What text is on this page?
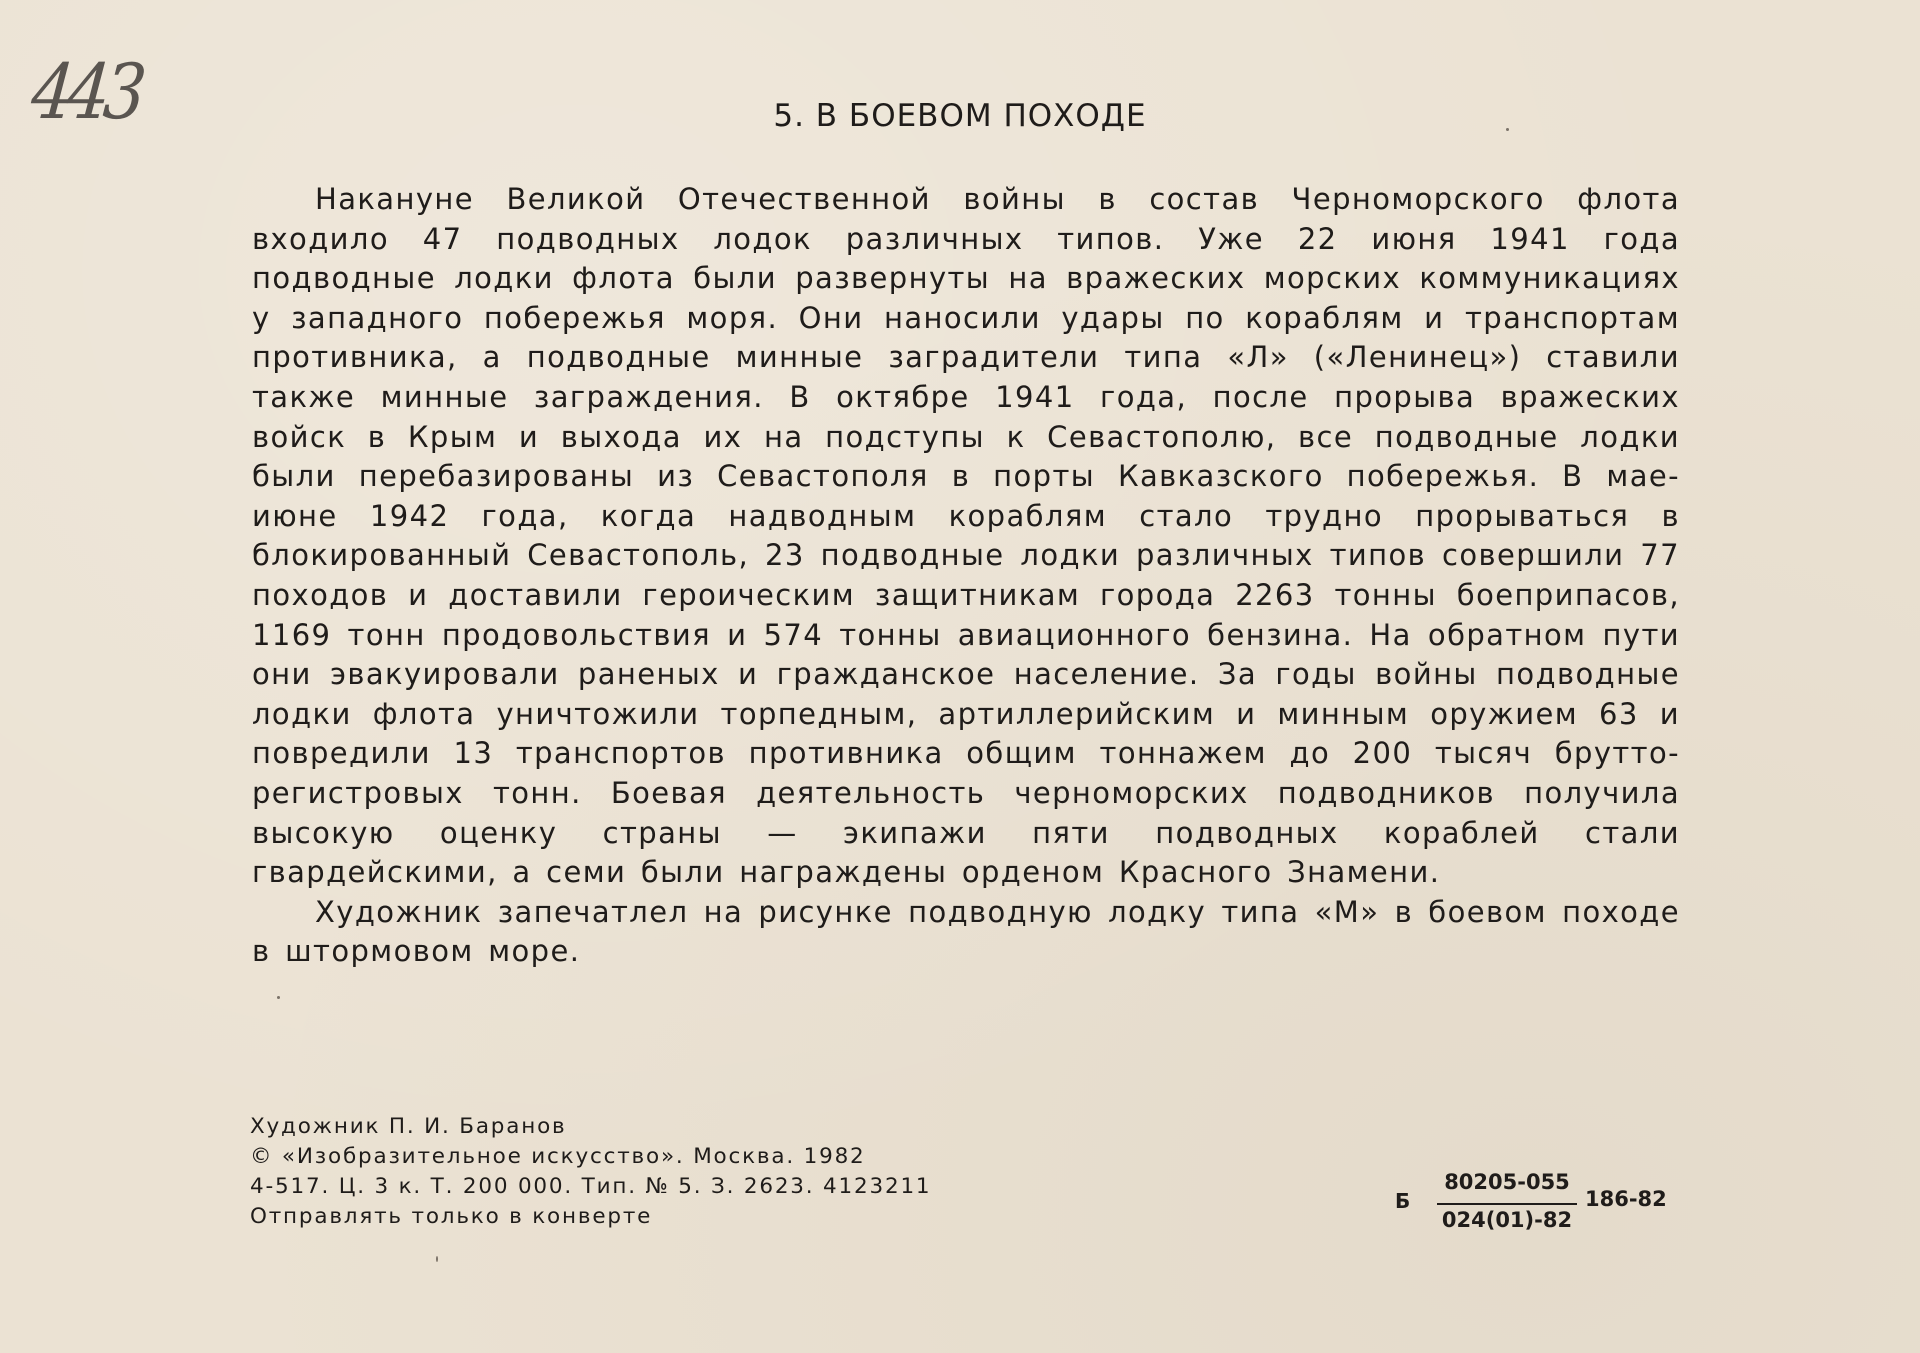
443	5. В БОЕВОМ ПОХОДЕ

Накануне Великой Отечественной войны в состав Черноморского флота входило 47 подводных лодок различных типов. Уже 22 июня 1941 года подводные лодки флота были развернуты на вражеских морских коммуникациях у западного побережья моря. Они наносили удары по кораблям и транспортам противника, а подводные минные заградители типа «Л» («Ленинец») ставили также минные заграждения. В октябре 1941 года, после прорыва вражеских войск в Крым и выхода их на подступы к Севастополю, все подводные лодки были перебазированы из Севастополя в порты Кавказского побережья. В мае-июне 1942 года, когда надводным кораблям стало трудно прорываться в блокированный Севастополь, 23 подводные лодки различных типов совершили 77 походов и доставили героическим защитникам города 2263 тонны боеприпасов, 1169 тонн продовольствия и 574 тонны авиационного бензина. На обратном пути они эвакуировали раненых и гражданское население. За годы войны подводные лодки флота уничтожили торпедным, артиллерийским и минным оружием 63 и повредили 13 транспортов противника общим тоннажем до 200 тысяч брутто-регистровых тонн. Боевая деятельность черноморских подводников получила высокую оценку страны — экипажи пяти подводных кораблей стали гвардейскими, а семи были награждены орденом Красного Знамени.

Художник запечатлел на рисунке подводную лодку типа «М» в боевом походе в штормовом море.

Художник П. И. Баранов
© «Изобразительное искусство». Москва. 1982
4-517. Ц. 3 к. Т. 200 000. Тип. № 5. З. 2623. 4123211
Отправлять только в конверте
Б
80205-055
024(01)-82
186-82
